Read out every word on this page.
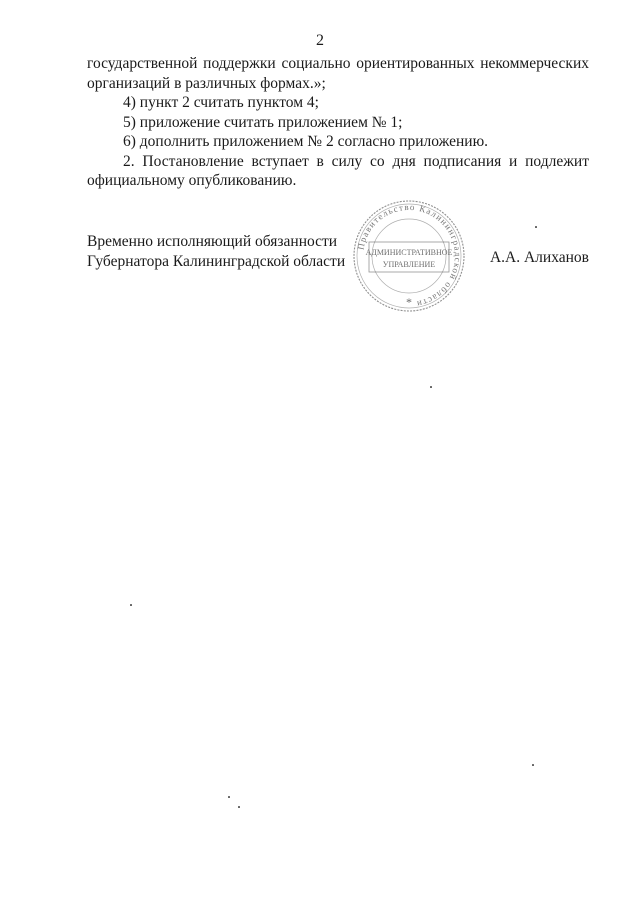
2

государственной поддержки социально ориентированных некоммерческих организаций в различных формах.»;

4) пункт 2 считать пунктом 4;

5) приложение считать приложением № 1;

6) дополнить приложением № 2 согласно приложению.

2. Постановление вступает в силу со дня подписания и подлежит официальному опубликованию.

Временно исполняющий обязанности
Губернатора Калининградской области	А.А. Алиханов
Правительство Калининградской области
АДМИНИСТРАТИВНОЕ
УПРАВЛЕНИЕ
*
